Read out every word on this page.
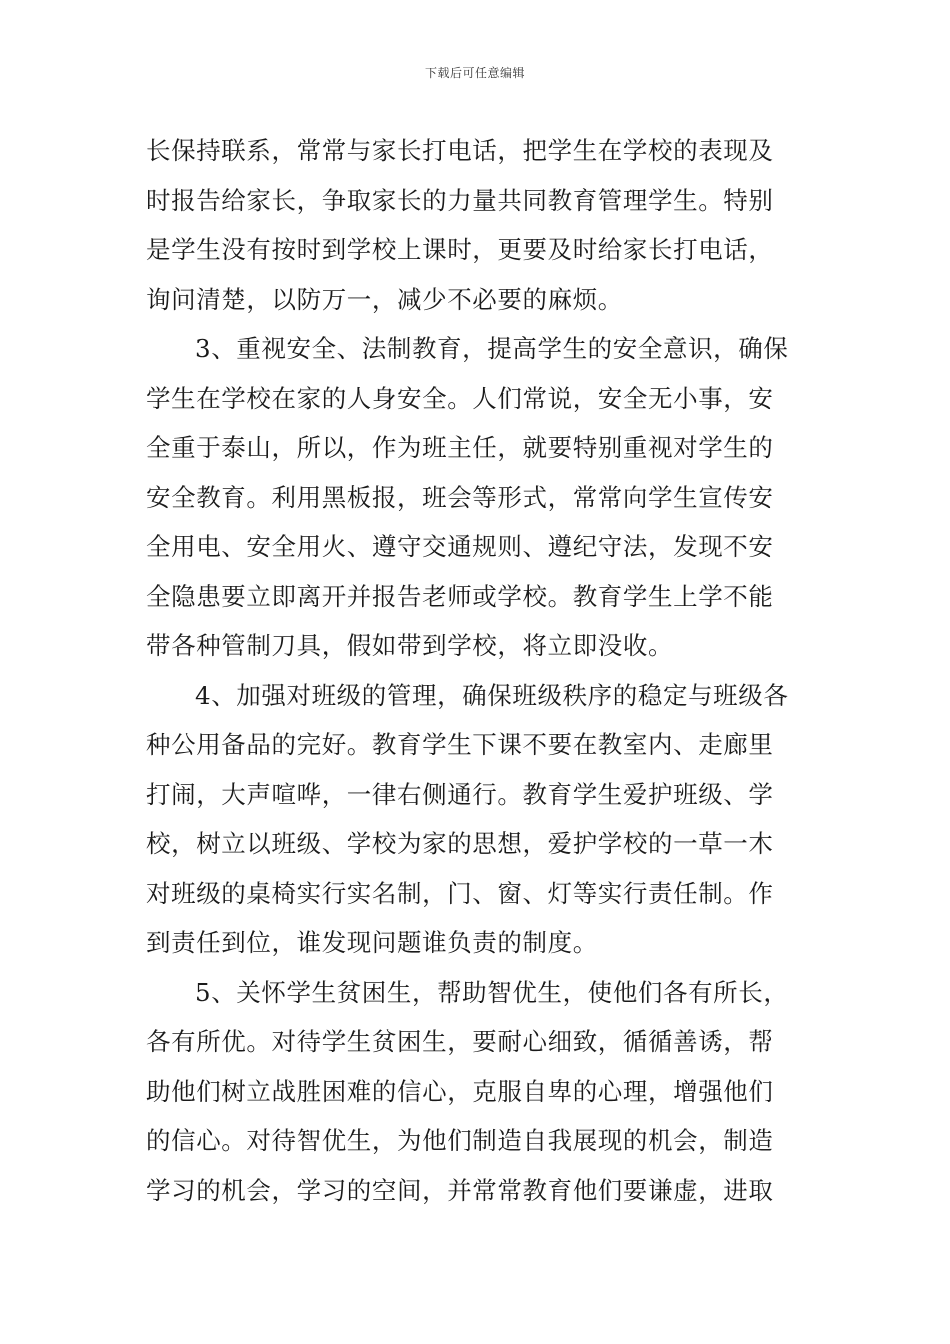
下载后可任意编辑
长保持联系，常常与家长打电话，把学生在学校的表现及
时报告给家长，争取家长的力量共同教育管理学生。特别
是学生没有按时到学校上课时，更要及时给家长打电话，
询问清楚，以防万一，减少不必要的麻烦。
3、重视安全、法制教育，提高学生的安全意识，确保
学生在学校在家的人身安全。人们常说，安全无小事，安
全重于泰山，所以，作为班主任，就要特别重视对学生的
安全教育。利用黑板报，班会等形式，常常向学生宣传安
全用电、安全用火、遵守交通规则、遵纪守法，发现不安
全隐患要立即离开并报告老师或学校。教育学生上学不能
带各种管制刀具，假如带到学校，将立即没收。
4、加强对班级的管理，确保班级秩序的稳定与班级各
种公用备品的完好。教育学生下课不要在教室内、走廊里
打闹，大声喧哗，一律右侧通行。教育学生爱护班级、学
校，树立以班级、学校为家的思想，爱护学校的一草一木
对班级的桌椅实行实名制，门、窗、灯等实行责任制。作
到责任到位，谁发现问题谁负责的制度。
5、关怀学生贫困生，帮助智优生，使他们各有所长，
各有所优。对待学生贫困生，要耐心细致，循循善诱，帮
助他们树立战胜困难的信心，克服自卑的心理，增强他们
的信心。对待智优生，为他们制造自我展现的机会，制造
学习的机会，学习的空间，并常常教育他们要谦虚，进取
